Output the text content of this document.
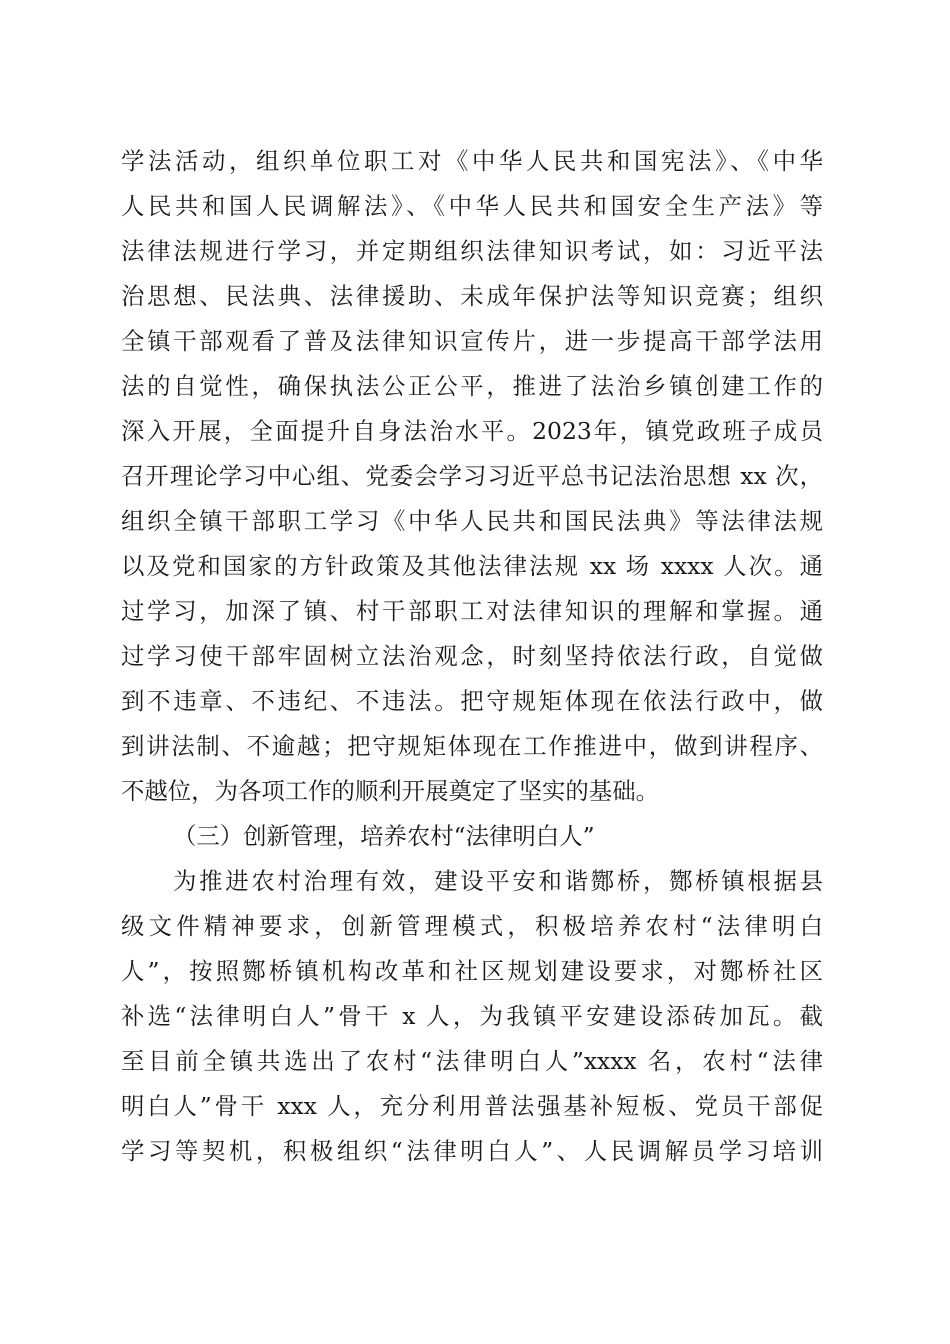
学法活动，组织单位职工对《中华人民共和国宪法》、《中华
人民共和国人民调解法》、《中华人民共和国安全生产法》等
法律法规进行学习，并定期组织法律知识考试，如：习近平法
治思想、民法典、法律援助、未成年保护法等知识竞赛；组织
全镇干部观看了普及法律知识宣传片，进一步提高干部学法用
法的自觉性，确保执法公正公平，推进了法治乡镇创建工作的
深入开展，全面提升自身法治水平。2023年，镇党政班子成员
召开理论学习中心组、党委会学习习近平总书记法治思想 xx 次，
组织全镇干部职工学习《中华人民共和国民法典》等法律法规
以及党和国家的方针政策及其他法律法规 xx 场 xxxx 人次。通
过学习，加深了镇、村干部职工对法律知识的理解和掌握。通
过学习使干部牢固树立法治观念，时刻坚持依法行政，自觉做
到不违章、不违纪、不违法。把守规矩体现在依法行政中，做
到讲法制、不逾越；把守规矩体现在工作推进中，做到讲程序、
不越位，为各项工作的顺利开展奠定了坚实的基础。
（三）创新管理，培养农村“法律明白人”
为推进农村治理有效，建设平安和谐酂桥，酂桥镇根据县
级文件精神要求，创新管理模式，积极培养农村“法律明白
人”，按照酂桥镇机构改革和社区规划建设要求，对酂桥社区
补选“法律明白人”骨干 x 人，为我镇平安建设添砖加瓦。截
至目前全镇共选出了农村“法律明白人”xxxx 名，农村“法律
明白人”骨干 xxx 人，充分利用普法强基补短板、党员干部促
学习等契机，积极组织“法律明白人”、人民调解员学习培训
